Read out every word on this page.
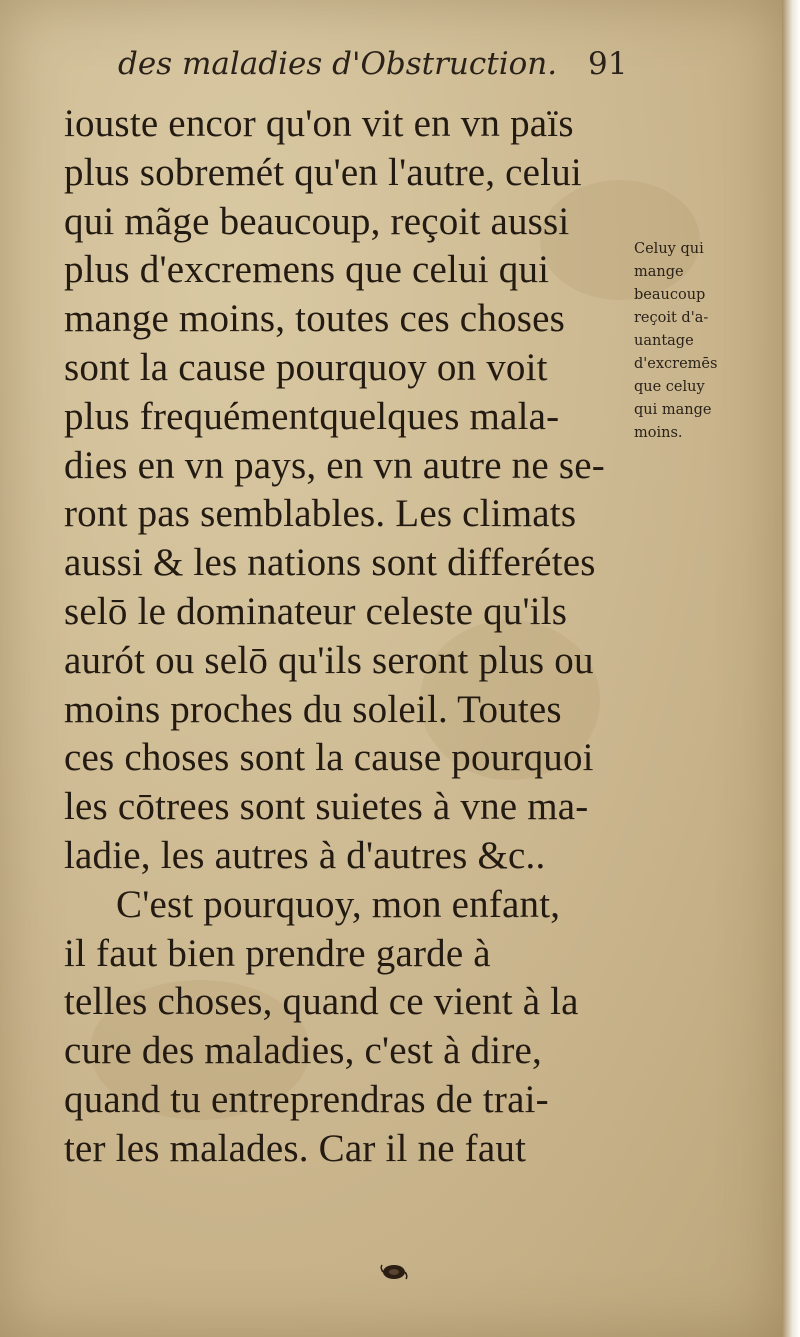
des maladies d'Obstruction. 91
iouste encor qu'on vit en vn païs
plus sobremét qu'en l'autre, celui
qui mãge beaucoup, reçoit aussi
plus d'excremens que celui qui
mange moins, toutes ces choses
sont la cause pourquoy on voit
plus frequémentquelques mala-
dies en vn pays, en vn autre ne se-
ront pas semblables. Les climats
aussi & les nations sont differétes
selō le dominateur celeste qu'ils
aurót ou selō qu'ils seront plus ou
moins proches du soleil. Toutes
ces choses sont la cause pourquoi
les cōtrees sont suietes à vne ma-
ladie, les autres à d'autres &c..
C'est pourquoy, mon enfant,
il faut bien prendre garde à
telles choses, quand ce vient à la
cure des maladies, c'est à dire,
quand tu entreprendras de trai-
ter les malades. Car il ne faut
Celuy qui
mange
beaucoup
reçoit d'a-
uantage
d'excremēs
que celuy
qui mange
moins.
